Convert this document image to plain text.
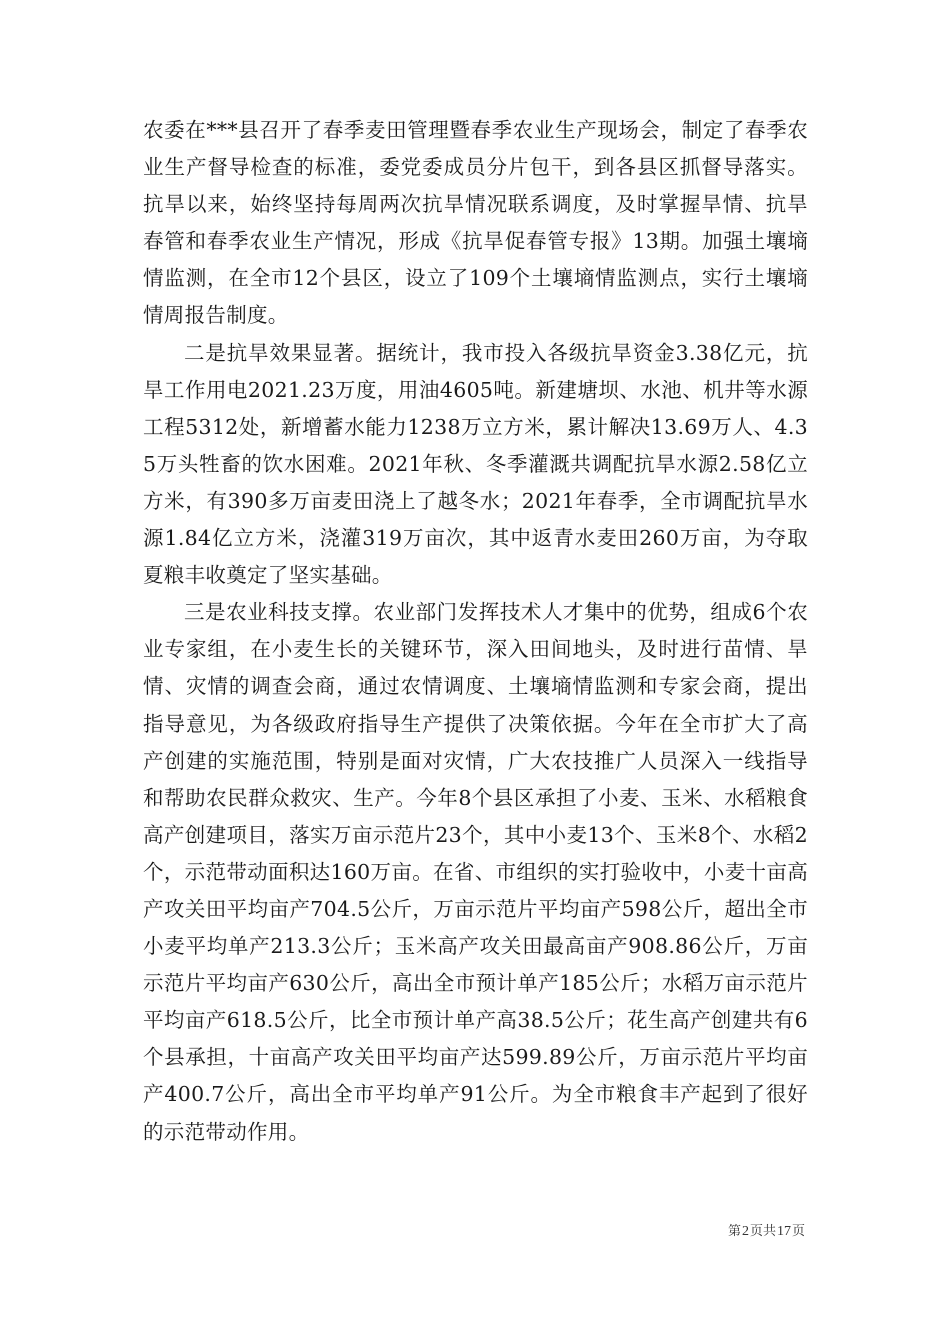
农委在***县召开了春季麦田管理暨春季农业生产现场会，制定了春季农业生产督导检查的标准，委党委成员分片包干，到各县区抓督导落实。抗旱以来，始终坚持每周两次抗旱情况联系调度，及时掌握旱情、抗旱春管和春季农业生产情况，形成《抗旱促春管专报》13期。加强土壤墒情监测，在全市12个县区，设立了109个土壤墒情监测点，实行土壤墒情周报告制度。

二是抗旱效果显著。据统计，我市投入各级抗旱资金3.38亿元，抗旱工作用电2021.23万度，用油4605吨。新建塘坝、水池、机井等水源工程5312处，新增蓄水能力1238万立方米，累计解决13.69万人、4.35万头牲畜的饮水困难。2021年秋、冬季灌溉共调配抗旱水源2.58亿立方米，有390多万亩麦田浇上了越冬水；2021年春季，全市调配抗旱水源1.84亿立方米，浇灌319万亩次，其中返青水麦田260万亩，为夺取夏粮丰收奠定了坚实基础。

三是农业科技支撑。农业部门发挥技术人才集中的优势，组成6个农业专家组，在小麦生长的关键环节，深入田间地头，及时进行苗情、旱情、灾情的调查会商，通过农情调度、土壤墒情监测和专家会商，提出指导意见，为各级政府指导生产提供了决策依据。今年在全市扩大了高产创建的实施范围，特别是面对灾情，广大农技推广人员深入一线指导和帮助农民群众救灾、生产。今年8个县区承担了小麦、玉米、水稻粮食高产创建项目，落实万亩示范片23个，其中小麦13个、玉米8个、水稻2个，示范带动面积达160万亩。在省、市组织的实打验收中，小麦十亩高产攻关田平均亩产704.5公斤，万亩示范片平均亩产598公斤，超出全市小麦平均单产213.3公斤；玉米高产攻关田最高亩产908.86公斤，万亩示范片平均亩产630公斤，高出全市预计单产185公斤；水稻万亩示范片平均亩产618.5公斤，比全市预计单产高38.5公斤；花生高产创建共有6个县承担，十亩高产攻关田平均亩产达599.89公斤，万亩示范片平均亩产400.7公斤，高出全市平均单产91公斤。为全市粮食丰产起到了很好的示范带动作用。

第2页共17页
